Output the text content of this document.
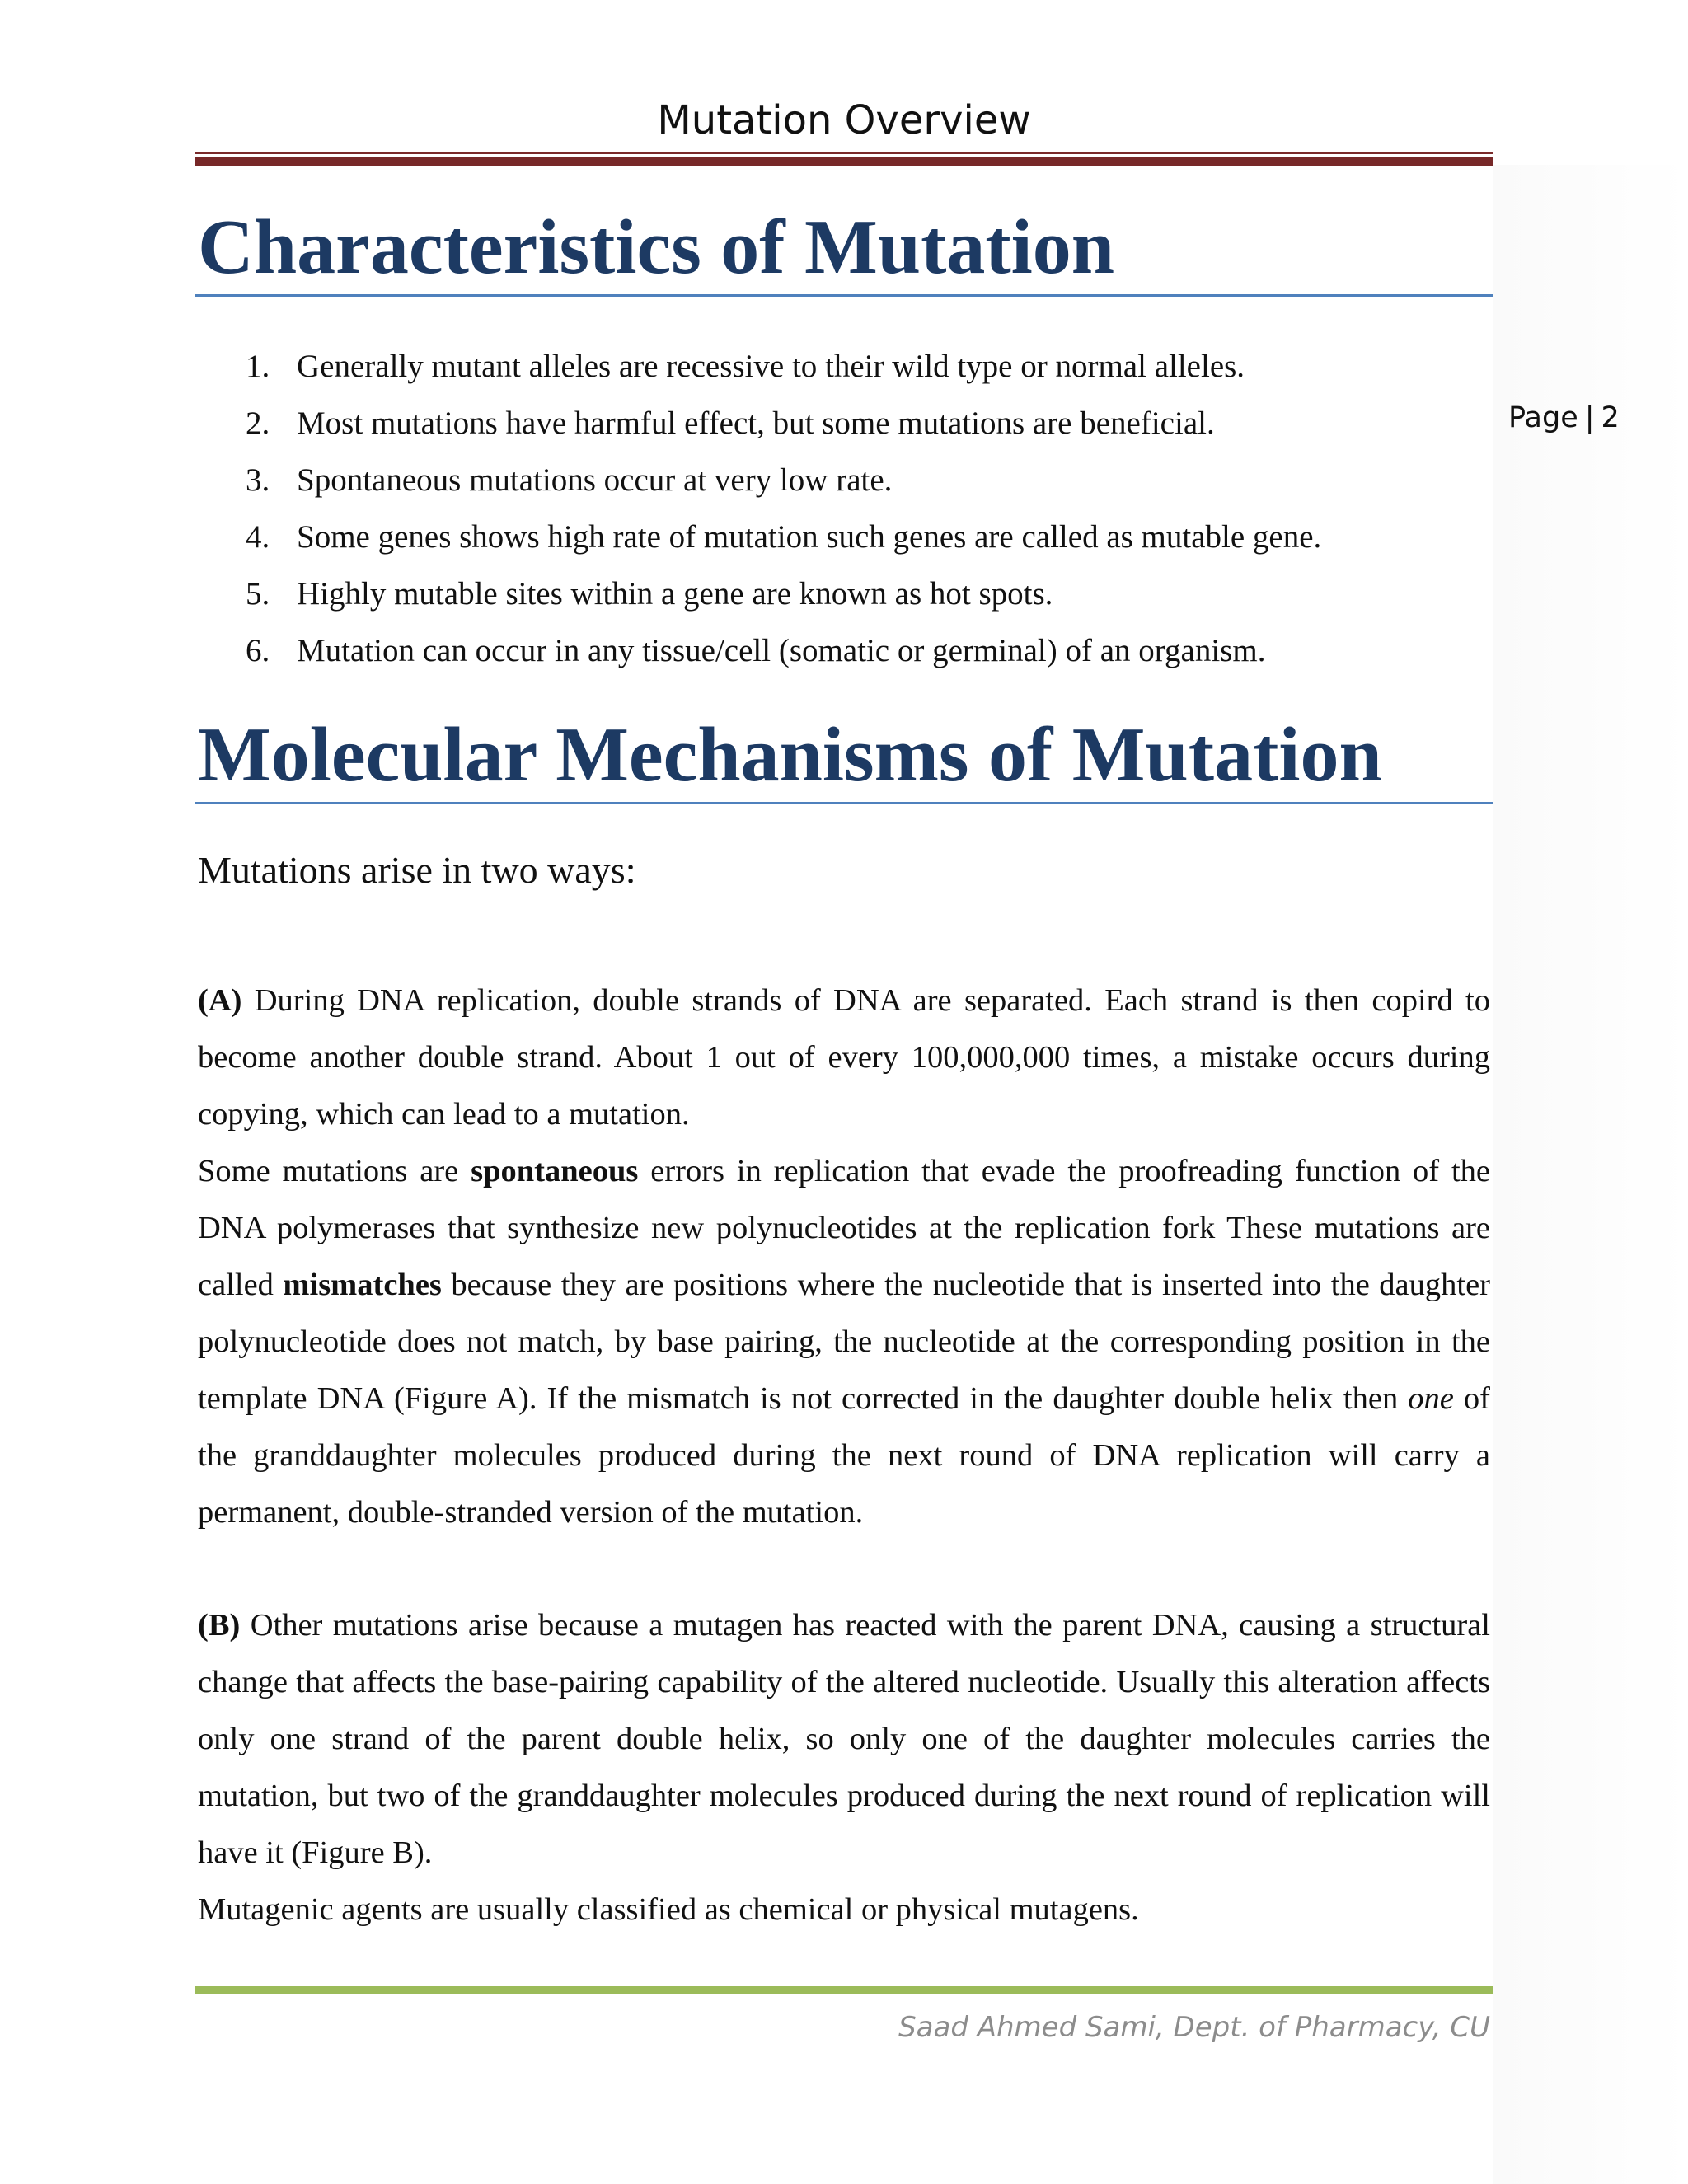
Mutation Overview
Page | 2
Characteristics of Mutation
1. Generally mutant alleles are recessive to their wild type or normal alleles.
2. Most mutations have harmful effect, but some mutations are beneficial.
3. Spontaneous mutations occur at very low rate.
4. Some genes shows high rate of mutation such genes are called as mutable gene.
5. Highly mutable sites within a gene are known as hot spots.
6. Mutation can occur in any tissue/cell (somatic or germinal) of an organism.
Molecular Mechanisms of Mutation
Mutations arise in two ways:

(A) During DNA replication, double strands of DNA are separated. Each strand is then copird to become another double strand. About 1 out of every 100,000,000 times, a mistake occurs during copying, which can lead to a mutation.

Some mutations are spontaneous errors in replication that evade the proofreading function of the DNA polymerases that synthesize new polynucleotides at the replication fork These mutations are called mismatches because they are positions where the nucleotide that is inserted into the daughter polynucleotide does not match, by base pairing, the nucleotide at the corresponding position in the template DNA (Figure A). If the mismatch is not corrected in the daughter double helix then one of the granddaughter molecules produced during the next round of DNA replication will carry a permanent, double-stranded version of the mutation.

(B) Other mutations arise because a mutagen has reacted with the parent DNA, causing a structural change that affects the base-pairing capability of the altered nucleotide. Usually this alteration affects only one strand of the parent double helix, so only one of the daughter molecules carries the mutation, but two of the granddaughter molecules produced during the next round of replication will have it (Figure B).

Mutagenic agents are usually classified as chemical or physical mutagens.

Saad Ahmed Sami, Dept. of Pharmacy, CU
